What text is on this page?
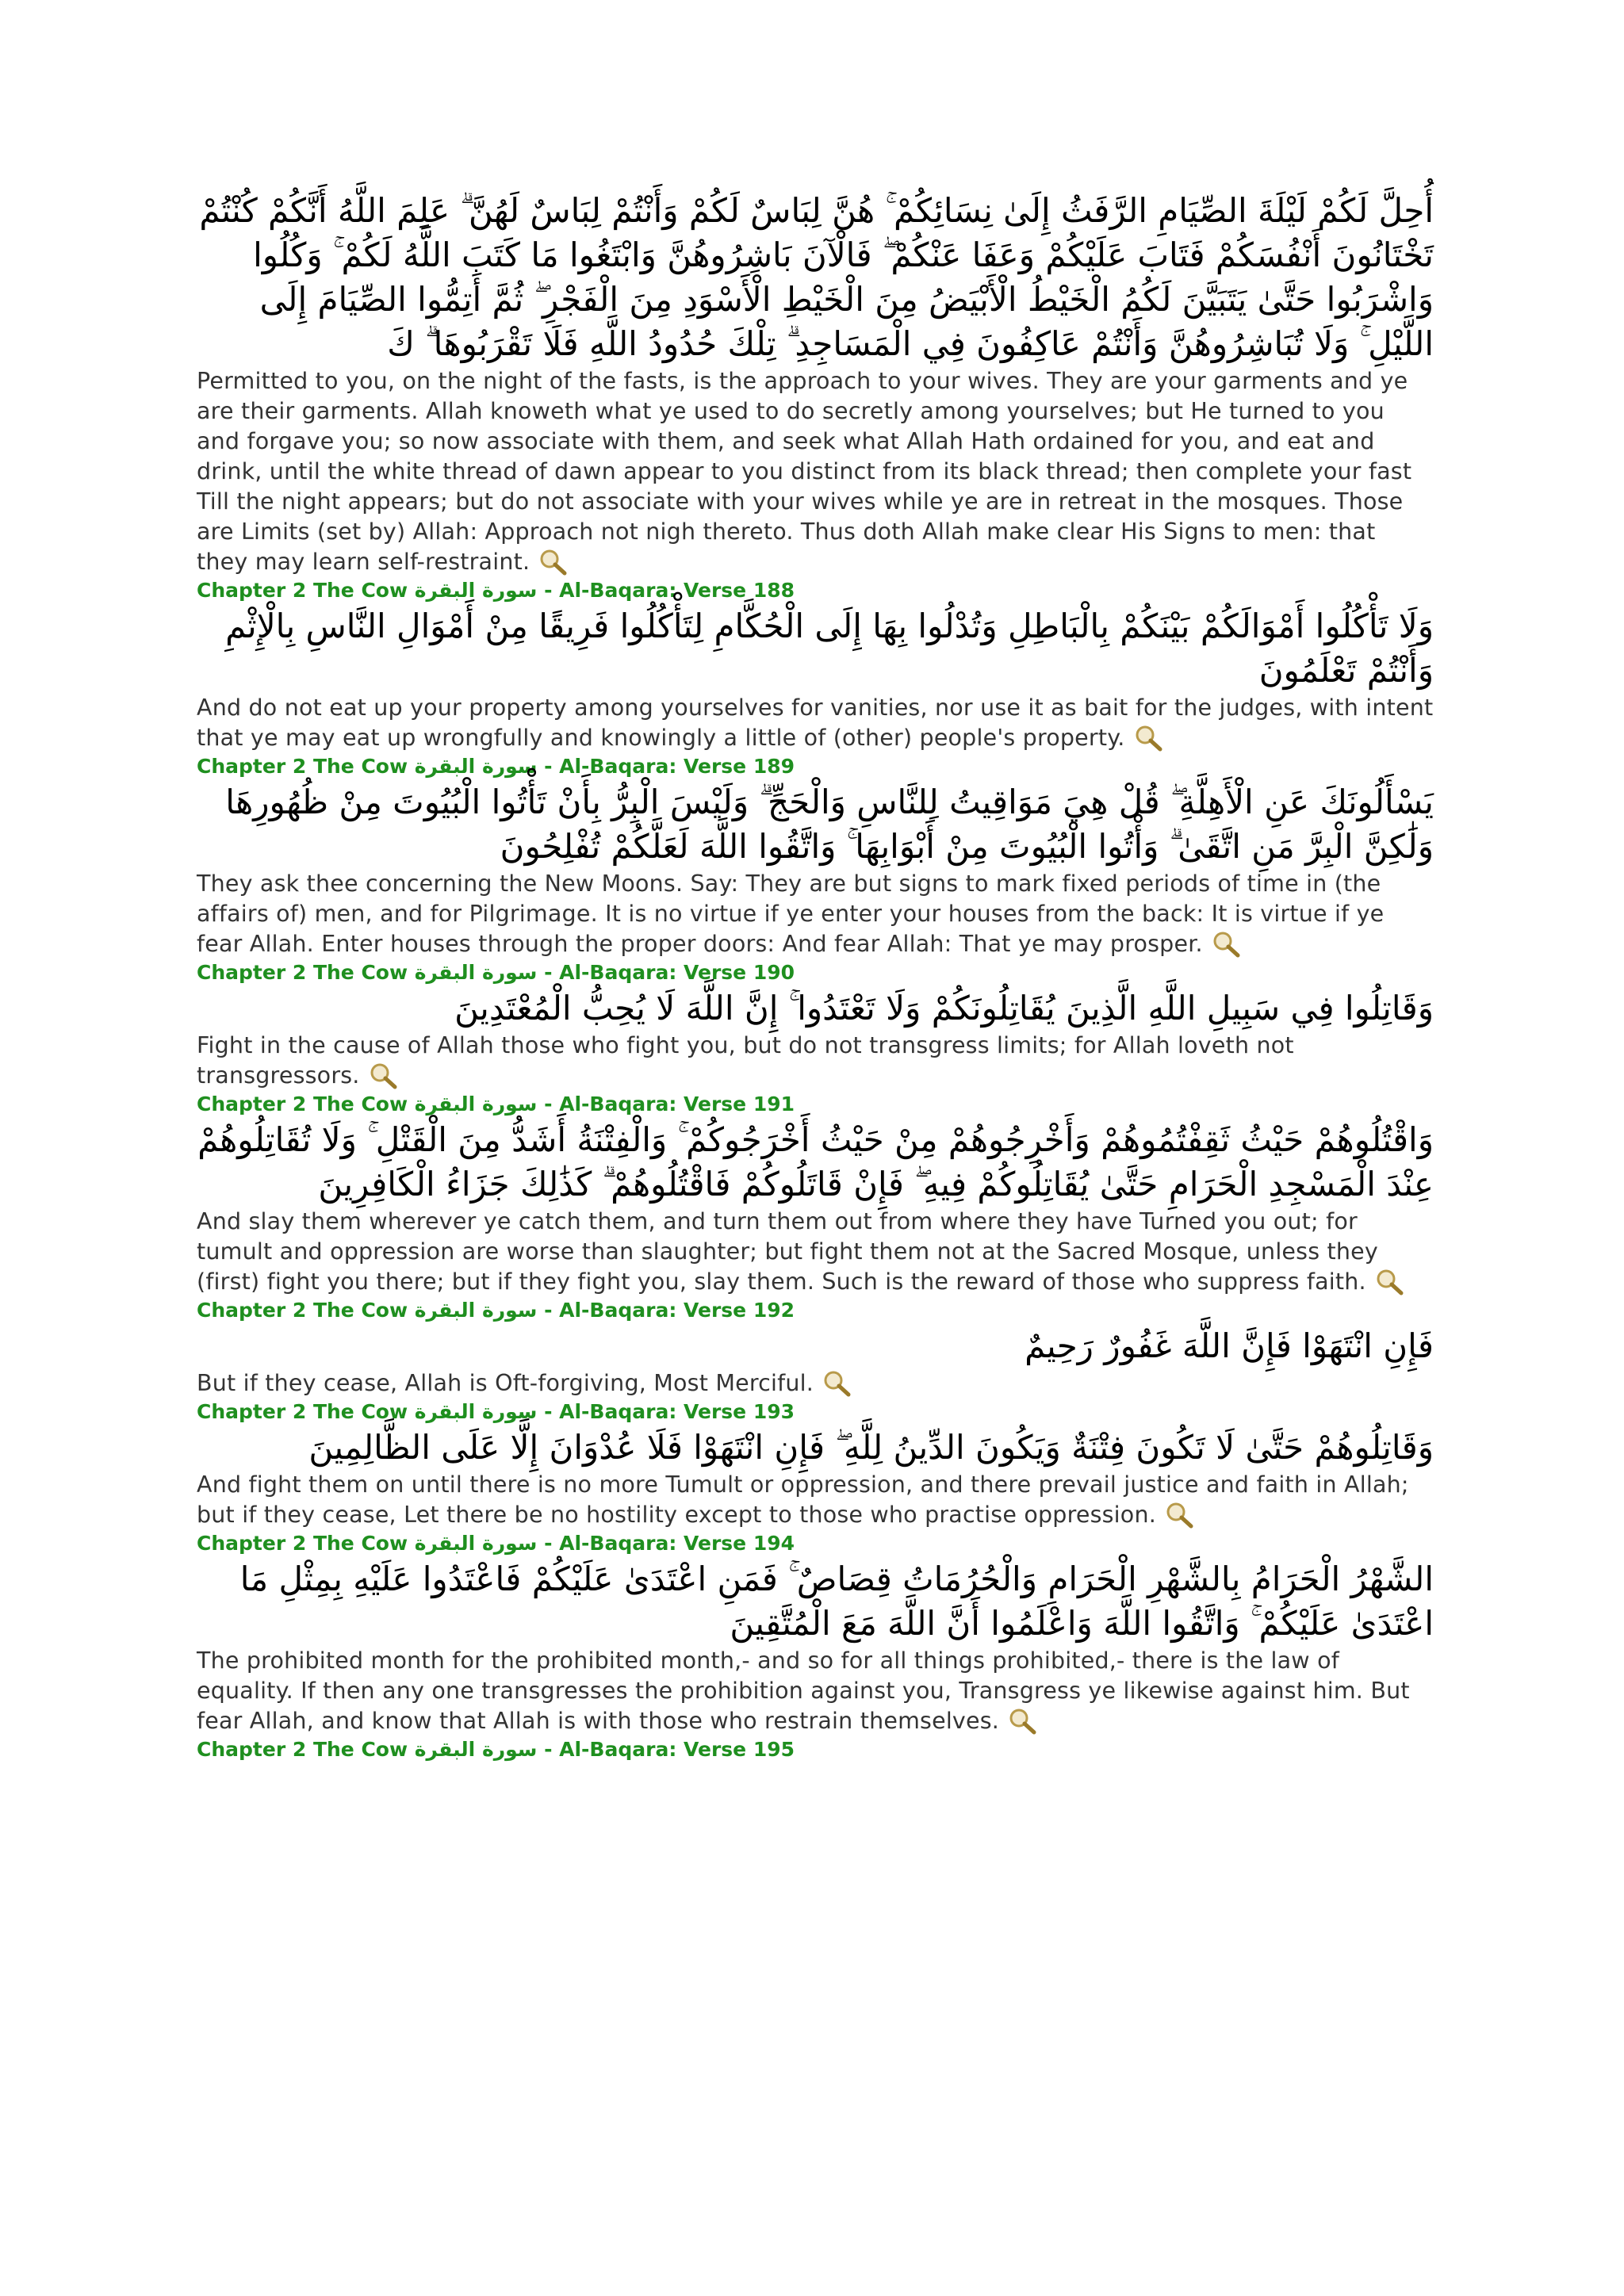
أُحِلَّ لَكُمْ لَيْلَةَ الصِّيَامِ الرَّفَثُ إِلَىٰ نِسَائِكُمْ ۚ هُنَّ لِبَاسٌ لَكُمْ وَأَنْتُمْ لِبَاسٌ لَهُنَّ ۗ عَلِمَ اللَّهُ أَنَّكُمْ كُنْتُمْ تَخْتَانُونَ أَنْفُسَكُمْ فَتَابَ عَلَيْكُمْ وَعَفَا عَنْكُمْ ۖ فَالْآنَ بَاشِرُوهُنَّ وَابْتَغُوا مَا كَتَبَ اللَّهُ لَكُمْ ۚ وَكُلُوا وَاشْرَبُوا حَتَّىٰ يَتَبَيَّنَ لَكُمُ الْخَيْطُ الْأَبْيَضُ مِنَ الْخَيْطِ الْأَسْوَدِ مِنَ الْفَجْرِ ۖ ثُمَّ أَتِمُّوا الصِّيَامَ إِلَى اللَّيْلِ ۚ وَلَا تُبَاشِرُوهُنَّ وَأَنْتُمْ عَاكِفُونَ فِي الْمَسَاجِدِ ۗ تِلْكَ حُدُودُ اللَّهِ فَلَا تَقْرَبُوهَا ۗ كَ

Permitted to you, on the night of the fasts, is the approach to your wives. They are your garments and ye are their garments. Allah knoweth what ye used to do secretly among yourselves; but He turned to you and forgave you; so now associate with them, and seek what Allah Hath ordained for you, and eat and drink, until the white thread of dawn appear to you distinct from its black thread; then complete your fast Till the night appears; but do not associate with your wives while ye are in retreat in the mosques. Those are Limits (set by) Allah: Approach not nigh thereto. Thus doth Allah make clear His Signs to men: that they may learn self-restraint.

Chapter 2 The Cow سورة البقرة - Al-Baqara: Verse 188

وَلَا تَأْكُلُوا أَمْوَالَكُمْ بَيْنَكُمْ بِالْبَاطِلِ وَتُدْلُوا بِهَا إِلَى الْحُكَّامِ لِتَأْكُلُوا فَرِيقًا مِنْ أَمْوَالِ النَّاسِ بِالْإِثْمِ وَأَنْتُمْ تَعْلَمُونَ

And do not eat up your property among yourselves for vanities, nor use it as bait for the judges, with intent that ye may eat up wrongfully and knowingly a little of (other) people's property.

Chapter 2 The Cow سورة البقرة - Al-Baqara: Verse 189

يَسْأَلُونَكَ عَنِ الْأَهِلَّةِ ۖ قُلْ هِيَ مَوَاقِيتُ لِلنَّاسِ وَالْحَجِّ ۗ وَلَيْسَ الْبِرُّ بِأَنْ تَأْتُوا الْبُيُوتَ مِنْ ظُهُورِهَا وَلَٰكِنَّ الْبِرَّ مَنِ اتَّقَىٰ ۗ وَأْتُوا الْبُيُوتَ مِنْ أَبْوَابِهَا ۚ وَاتَّقُوا اللَّهَ لَعَلَّكُمْ تُفْلِحُونَ

They ask thee concerning the New Moons. Say: They are but signs to mark fixed periods of time in (the affairs of) men, and for Pilgrimage. It is no virtue if ye enter your houses from the back: It is virtue if ye fear Allah. Enter houses through the proper doors: And fear Allah: That ye may prosper.

Chapter 2 The Cow سورة البقرة - Al-Baqara: Verse 190

وَقَاتِلُوا فِي سَبِيلِ اللَّهِ الَّذِينَ يُقَاتِلُونَكُمْ وَلَا تَعْتَدُوا ۚ إِنَّ اللَّهَ لَا يُحِبُّ الْمُعْتَدِينَ

Fight in the cause of Allah those who fight you, but do not transgress limits; for Allah loveth not transgressors.

Chapter 2 The Cow سورة البقرة - Al-Baqara: Verse 191

وَاقْتُلُوهُمْ حَيْثُ ثَقِفْتُمُوهُمْ وَأَخْرِجُوهُمْ مِنْ حَيْثُ أَخْرَجُوكُمْ ۚ وَالْفِتْنَةُ أَشَدُّ مِنَ الْقَتْلِ ۚ وَلَا تُقَاتِلُوهُمْ عِنْدَ الْمَسْجِدِ الْحَرَامِ حَتَّىٰ يُقَاتِلُوكُمْ فِيهِ ۖ فَإِنْ قَاتَلُوكُمْ فَاقْتُلُوهُمْ ۗ كَذَٰلِكَ جَزَاءُ الْكَافِرِينَ

And slay them wherever ye catch them, and turn them out from where they have Turned you out; for tumult and oppression are worse than slaughter; but fight them not at the Sacred Mosque, unless they (first) fight you there; but if they fight you, slay them. Such is the reward of those who suppress faith.

Chapter 2 The Cow سورة البقرة - Al-Baqara: Verse 192

فَإِنِ انْتَهَوْا فَإِنَّ اللَّهَ غَفُورٌ رَحِيمٌ

But if they cease, Allah is Oft-forgiving, Most Merciful.

Chapter 2 The Cow سورة البقرة - Al-Baqara: Verse 193

وَقَاتِلُوهُمْ حَتَّىٰ لَا تَكُونَ فِتْنَةٌ وَيَكُونَ الدِّينُ لِلَّهِ ۖ فَإِنِ انْتَهَوْا فَلَا عُدْوَانَ إِلَّا عَلَى الظَّالِمِينَ

And fight them on until there is no more Tumult or oppression, and there prevail justice and faith in Allah; but if they cease, Let there be no hostility except to those who practise oppression.

Chapter 2 The Cow سورة البقرة - Al-Baqara: Verse 194

الشَّهْرُ الْحَرَامُ بِالشَّهْرِ الْحَرَامِ وَالْحُرُمَاتُ قِصَاصٌ ۚ فَمَنِ اعْتَدَىٰ عَلَيْكُمْ فَاعْتَدُوا عَلَيْهِ بِمِثْلِ مَا اعْتَدَىٰ عَلَيْكُمْ ۚ وَاتَّقُوا اللَّهَ وَاعْلَمُوا أَنَّ اللَّهَ مَعَ الْمُتَّقِينَ

The prohibited month for the prohibited month,- and so for all things prohibited,- there is the law of equality. If then any one transgresses the prohibition against you, Transgress ye likewise against him. But fear Allah, and know that Allah is with those who restrain themselves.

Chapter 2 The Cow سورة البقرة - Al-Baqara: Verse 195
